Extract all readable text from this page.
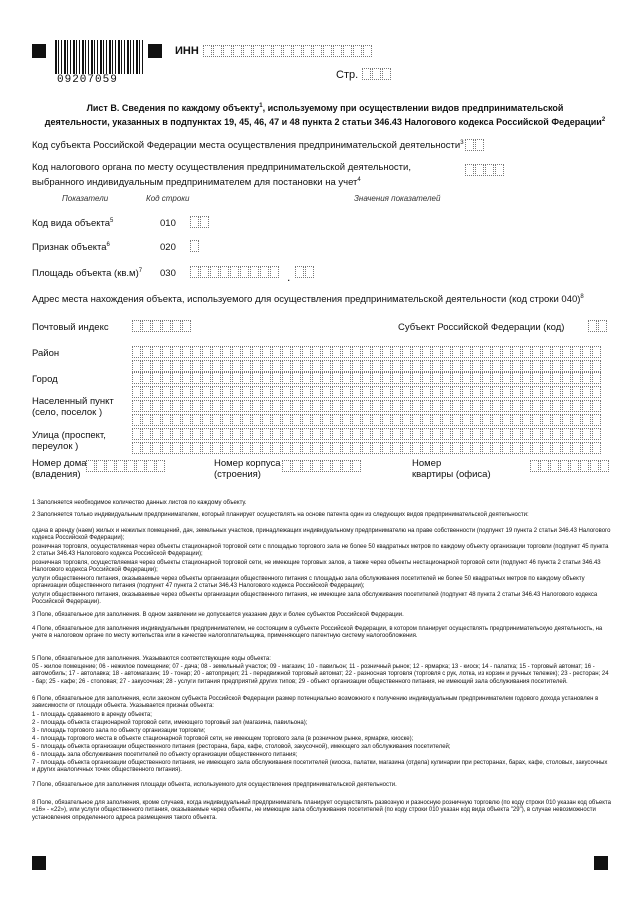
09207059
ИНН
Стр.
Лист В. Сведения по каждому объекту$^1$, используемому при осуществлении видов предпринимательской
деятельности, указанных в подпунктах 19, 45, 46, 47 и 48 пункта 2 статьи 346.43 Налогового кодекса Российской Федерации$^2$
Код субъекта Российской Федерации места осуществления предпринимательской деятельности$^3$
Код налогового органа по месту осуществления предпринимательской деятельности,
выбранного индивидуальным предпринимателем для постановки на учет$^4$
Показатели	Код строки	Значения показателей
Код вида объекта$^5$	010
Признак объекта$^6$	020
Площадь объекта $(кв.м)^7$ 030	.
Адрес места нахождения объекта, используемого для осуществления предпринимательской деятельности (код строки 040)$^8$
Почтовый индекс	Субъект Российской Федерации (код)
Район
Город
Населенный пункт
(село, поселок )
Улица (проспект,
переулок )
Номер дома
(владения)
Номер корпуса
(строения)
Номер
квартиры (офиса)
1 Заполняется необходимое количество данных листов по каждому объекту.
2 Заполняется только индивидуальным предпринимателем, который планирует осуществлять на основе патента один из следующих видов предпринимательской деятельности:
сдача в аренду (наем) жилых и нежилых помещений, дач, земельных участков, принадлежащих индивидуальному предпринимателю на праве собственности (подпункт 19 пункта 2 статьи 346.43 Налогового кодекса Российской Федерации);
розничная торговля, осуществляемая через объекты стационарной торговой сети с площадью торгового зала не более 50 квадратных метров по каждому объекту организации торговли (подпункт 45 пункта 2 статьи 346.43 Налогового кодекса Российской Федерации);
розничная торговля, осуществляемая через объекты стационарной торговой сети, не имеющие торговых залов, а также через объекты нестационарной торговой сети (подпункт 46 пункта 2 статьи 346.43 Налогового кодекса Российской Федерации);
услуги общественного питания, оказываемые через объекты организации общественного питания с площадью зала обслуживания посетителей не более 50 квадратных метров по каждому объекту организации общественного питания (подпункт 47 пункта 2 статьи 346.43 Налогового кодекса Российской Федерации);
услуги общественного питания, оказываемые через объекты организации общественного питания, не имеющие зала обслуживания посетителей (подпункт 48 пункта 2 статьи 346.43 Налогового кодекса Российской Федерации).
3 Поле, обязательное для заполнения. В одном заявлении не допускается указание двух и более субъектов Российской Федерации.
4 Поле, обязательное для заполнения индивидуальным предпринимателем, не состоящим в субъекте Российской Федерации, в котором планирует осуществлять предпринимательскую деятельность, на учете в налоговом органе по месту жительства или в качестве налогоплательщика, применяющего патентную систему налогообложения.
5 Поле, обязательное для заполнения. Указываются соответствующие коды объекта:
05 - жилое помещение; 06 - нежилое помещение; 07 - дача; 08 - земельный участок; 09 - магазин; 10 - павильон; 11 - розничный рынок; 12 - ярмарка; 13 - киоск; 14 - палатка; 15 - торговый автомат; 16 - автомобиль; 17 - автолавка; 18 - автомагазин; 19 - тонар; 20 - автоприцеп; 21 - передвижной торговый автомат; 22 - разносная торговля (торговля с рук, лотка, из корзин и ручных тележек); 23 - ресторан; 24 - бар; 25 - кафе; 26 - столовая; 27 - закусочная; 28 - услуги питания предприятий других типов; 29 - объект организации общественного питания, не имеющий зала обслуживания посетителей.
6 Поле, обязательное для заполнения, если законом субъекта Российской Федерации размер потенциально возможного к получению индивидуальным предпринимателем годового дохода установлен в зависимости от площади объекта. Указывается признак объекта:
1 - площадь сдаваемого в аренду объекта;
2 - площадь объекта стационарной торговой сети, имеющего торговый зал (магазина, павильона);
3 - площадь торгового зала по объекту организации торговли;
4 - площадь торгового места в объекте стационарной торговой сети, не имеющем торгового зала (в розничном рынке, ярмарке, киоске);
5 - площадь объекта организации общественного питания (ресторана, бара, кафе, столовой, закусочной), имеющего зал обслуживания посетителей;
6 - площадь зала обслуживания посетителей по объекту организации общественного питания;
7 - площадь объекта организации общественного питания, не имеющего зала обслуживания посетителей (киоска, палатки, магазина (отдела) кулинарии при ресторанах, барах, кафе, столовых, закусочных и других аналогичных точек общественного питания).
7 Поле, обязательное для заполнения площади объекта, используемого для осуществления предпринимательской деятельности.
8 Поле, обязательное для заполнения, кроме случаев, когда индивидуальный предприниматель планирует осуществлять развозную и разносную розничную торговлю (по коду строки 010 указан код объекта «16» - «22»), или услуги общественного питания, оказываемые через объекты, не имеющие зала обслуживания посетителей (по коду строки 010 указан код вида объекта "29"), в случае невозможности установления определенного адреса размещения такого объекта.
